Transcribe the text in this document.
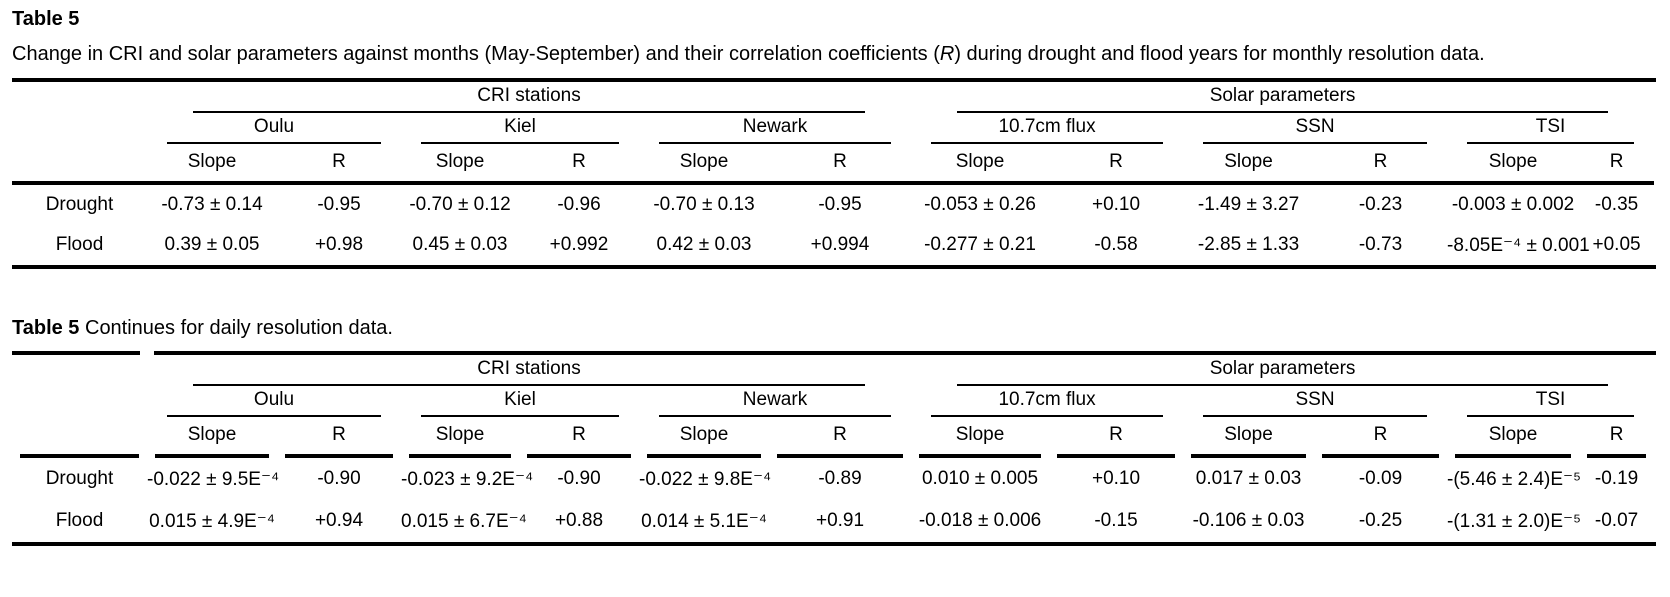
Table 5
Change in CRI and solar parameters against months (May-September) and their correlation coefficients (R) during drought and flood years for monthly resolution data.

	CRI stations						Solar parameters					

	Oulu		Kiel		Newark		10.7cm flux		SSN		TSI	

	Slope	R	Slope	R	Slope	R	Slope	R	Slope	R	Slope	R

Drought	-0.73 ± 0.14	-0.95	-0.70 ± 0.12	-0.96	-0.70 ± 0.13	-0.95	-0.053 ± 0.26	+0.10	-1.49 ± 3.27	-0.23	-0.003 ± 0.002	-0.35
Flood	0.39 ± 0.05	+0.98	0.45 ± 0.03	+0.992	0.42 ± 0.03	+0.994	-0.277 ± 0.21	-0.58	-2.85 ± 1.33	-0.73	-8.05E⁻⁴ ± 0.001	+0.05
Table 5 Continues for daily resolution data.

	CRI stations						Solar parameters					

	Oulu		Kiel		Newark		10.7cm flux		SSN		TSI	

	Slope	R	Slope	R	Slope	R	Slope	R	Slope	R	Slope	R

Drought	-0.022 ± 9.5E⁻⁴	-0.90	-0.023 ± 9.2E⁻⁴	-0.90	-0.022 ± 9.8E⁻⁴	-0.89	0.010 ± 0.005	+0.10	0.017 ± 0.03	-0.09	-(5.46 ± 2.4)E⁻⁵	-0.19
Flood	0.015 ± 4.9E⁻⁴	+0.94	0.015 ± 6.7E⁻⁴	+0.88	0.014 ± 5.1E⁻⁴	+0.91	-0.018 ± 0.006	-0.15	-0.106 ± 0.03	-0.25	-(1.31 ± 2.0)E⁻⁵	-0.07
